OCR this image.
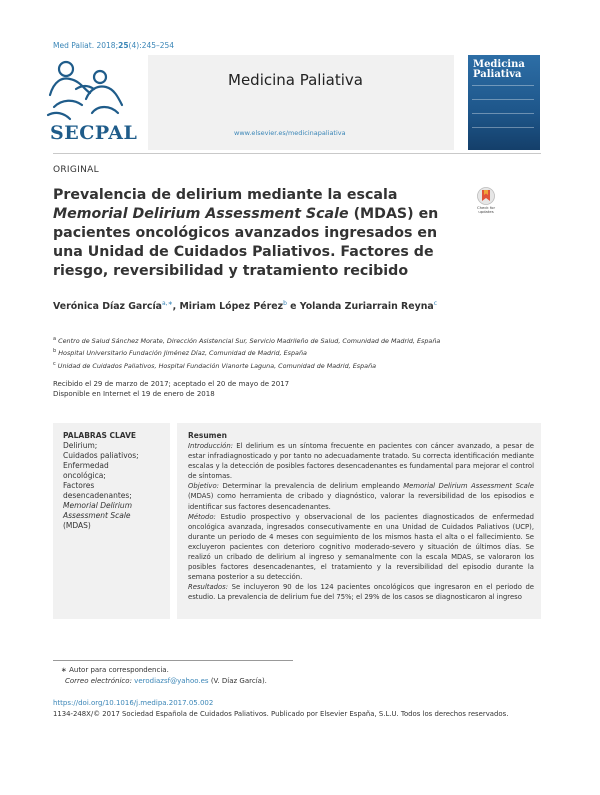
Med Paliat. 2018;25(4):245–254
SECPAL
Medicina Paliativa
www.elsevier.es/medicinapaliativa
Medicina
Paliativa
ORIGINAL
Prevalencia de delirium mediante la escala Memorial Delirium Assessment Scale (MDAS) en pacientes oncológicos avanzados ingresados en una Unidad de Cuidados Paliativos. Factores de riesgo, reversibilidad y tratamiento recibido
Check for
updates
Verónica Díaz García$^{a,∗}$, Miriam López Pérez$^b$ e Yolanda Zuriarrain Reyna$^c$
$^a$ Centro de Salud Sánchez Morate, Dirección Asistencial Sur, Servicio Madrileño de Salud, Comunidad de Madrid, España
$^b$ Hospital Universitario Fundación Jiménez Díaz, Comunidad de Madrid, España
$^c$ Unidad de Cuidados Paliativos, Hospital Fundación Vianorte Laguna, Comunidad de Madrid, España
Recibido el 29 de marzo de 2017; aceptado el 20 de mayo de 2017
Disponible en Internet el 19 de enero de 2018
PALABRAS CLAVE
Delirium;
Cuidados paliativos;
Enfermedad
oncológica;
Factores
desencadenantes;
Memorial Delirium
Assessment Scale
(MDAS)
Resumen

Introducción: El delirium es un síntoma frecuente en pacientes con cáncer avanzado, a pesar de estar infradiagnosticado y por tanto no adecuadamente tratado. Su correcta identificación mediante escalas y la detección de posibles factores desencadenantes es fundamental para mejorar el control de síntomas.

Objetivo: Determinar la prevalencia de delirium empleando Memorial Delirium Assessment Scale (MDAS) como herramienta de cribado y diagnóstico, valorar la reversibilidad de los episodios e identificar sus factores desencadenantes.

Método: Estudio prospectivo y observacional de los pacientes diagnosticados de enfermedad oncológica avanzada, ingresados consecutivamente en una Unidad de Cuidados Paliativos (UCP), durante un periodo de 4 meses con seguimiento de los mismos hasta el alta o el fallecimiento. Se excluyeron pacientes con deterioro cognitivo moderado-severo y situación de últimos días. Se realizó un cribado de delirium al ingreso y semanalmente con la escala MDAS, se valoraron los posibles factores desencadenantes, el tratamiento y la reversibilidad del episodio durante la semana posterior a su detección.

Resultados: Se incluyeron 90 de los 124 pacientes oncológicos que ingresaron en el periodo de estudio. La prevalencia de delirium fue del 75%; el 29% de los casos se diagnosticaron al ingreso

∗ Autor para correspondencia.
Correo electrónico: verodiazsf@yahoo.es (V. Díaz García).
https://doi.org/10.1016/j.medipa.2017.05.002
1134-248X/© 2017 Sociedad Española de Cuidados Paliativos. Publicado por Elsevier España, S.L.U. Todos los derechos reservados.
